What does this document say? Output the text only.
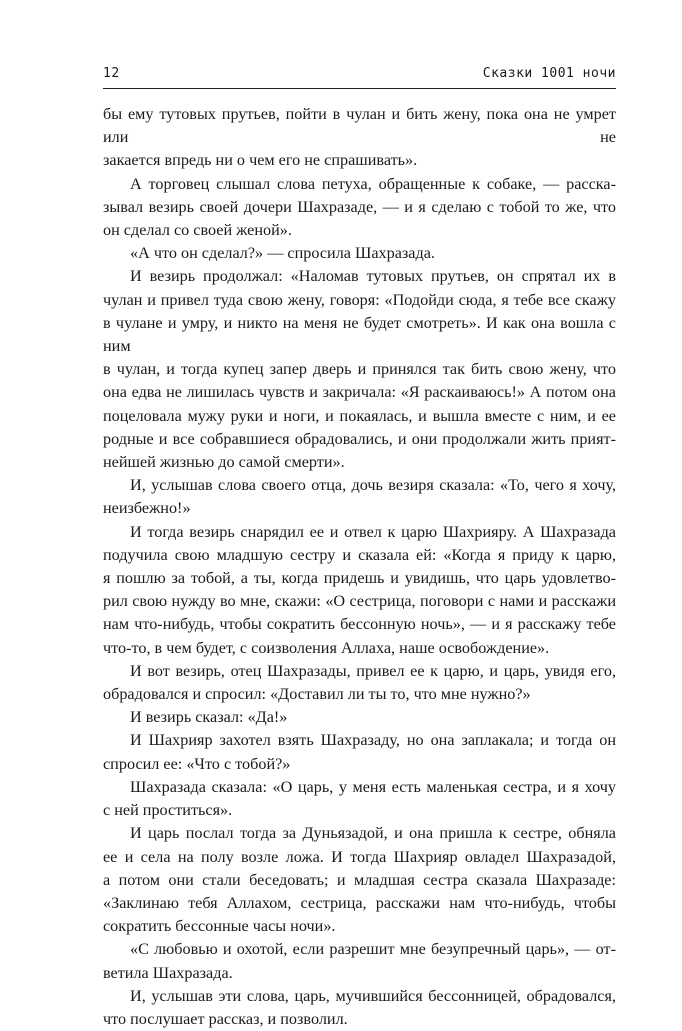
12	Сказки 1001 ночи

бы ему тутовых прутьев, пойти в чулан и бить жену, пока она не умрет или не

закается впредь ни о чем его не спрашивать».

А торговец слышал слова петуха, обращенные к собаке, — расска-

зывал везирь своей дочери Шахразаде, — и я сделаю с тобой то же, что

он сделал со своей женой».

«А что он сделал?» — спросила Шахразада.

И везирь продолжал: «Наломав тутовых прутьев, он спрятал их в

чулан и привел туда свою жену, говоря: «Подойди сюда, я тебе все скажу

в чулане и умру, и никто на меня не будет смотреть». И как она вошла с ним

в чулан, и тогда купец запер дверь и принялся так бить свою жену, что

она едва не лишилась чувств и закричала: «Я раскаиваюсь!» А потом она

поцеловала мужу руки и ноги, и покаялась, и вышла вместе с ним, и ее

родные и все собравшиеся обрадовались, и они продолжали жить прият-

нейшей жизнью до самой смерти».

И, услышав слова своего отца, дочь везиря сказала: «То, чего я хочу,

неизбежно!»

И тогда везирь снарядил ее и отвел к царю Шахрияру. А Шахразада

подучила свою младшую сестру и сказала ей: «Когда я приду к царю,

я пошлю за тобой, а ты, когда придешь и увидишь, что царь удовлетво-

рил свою нужду во мне, скажи: «О сестрица, поговори с нами и расскажи

нам что-нибудь, чтобы сократить бессонную ночь», — и я расскажу тебе

что-то, в чем будет, с соизволения Аллаха, наше освобождение».

И вот везирь, отец Шахразады, привел ее к царю, и царь, увидя его,

обрадовался и спросил: «Доставил ли ты то, что мне нужно?»

И везирь сказал: «Да!»

И Шахрияр захотел взять Шахразаду, но она заплакала; и тогда он

спросил ее: «Что с тобой?»

Шахразада сказала: «О царь, у меня есть маленькая сестра, и я хочу

с ней проститься».

И царь послал тогда за Дуньязадой, и она пришла к сестре, обняла

ее и села на полу возле ложа. И тогда Шахрияр овладел Шахразадой,

а потом они стали беседовать; и младшая сестра сказала Шахразаде:

«Заклинаю тебя Аллахом, сестрица, расскажи нам что-нибудь, чтобы

сократить бессонные часы ночи».

«С любовью и охотой, если разрешит мне безупречный царь», — от-

ветила Шахразада.

И, услышав эти слова, царь, мучившийся бессонницей, обрадовался,

что послушает рассказ, и позволил.
